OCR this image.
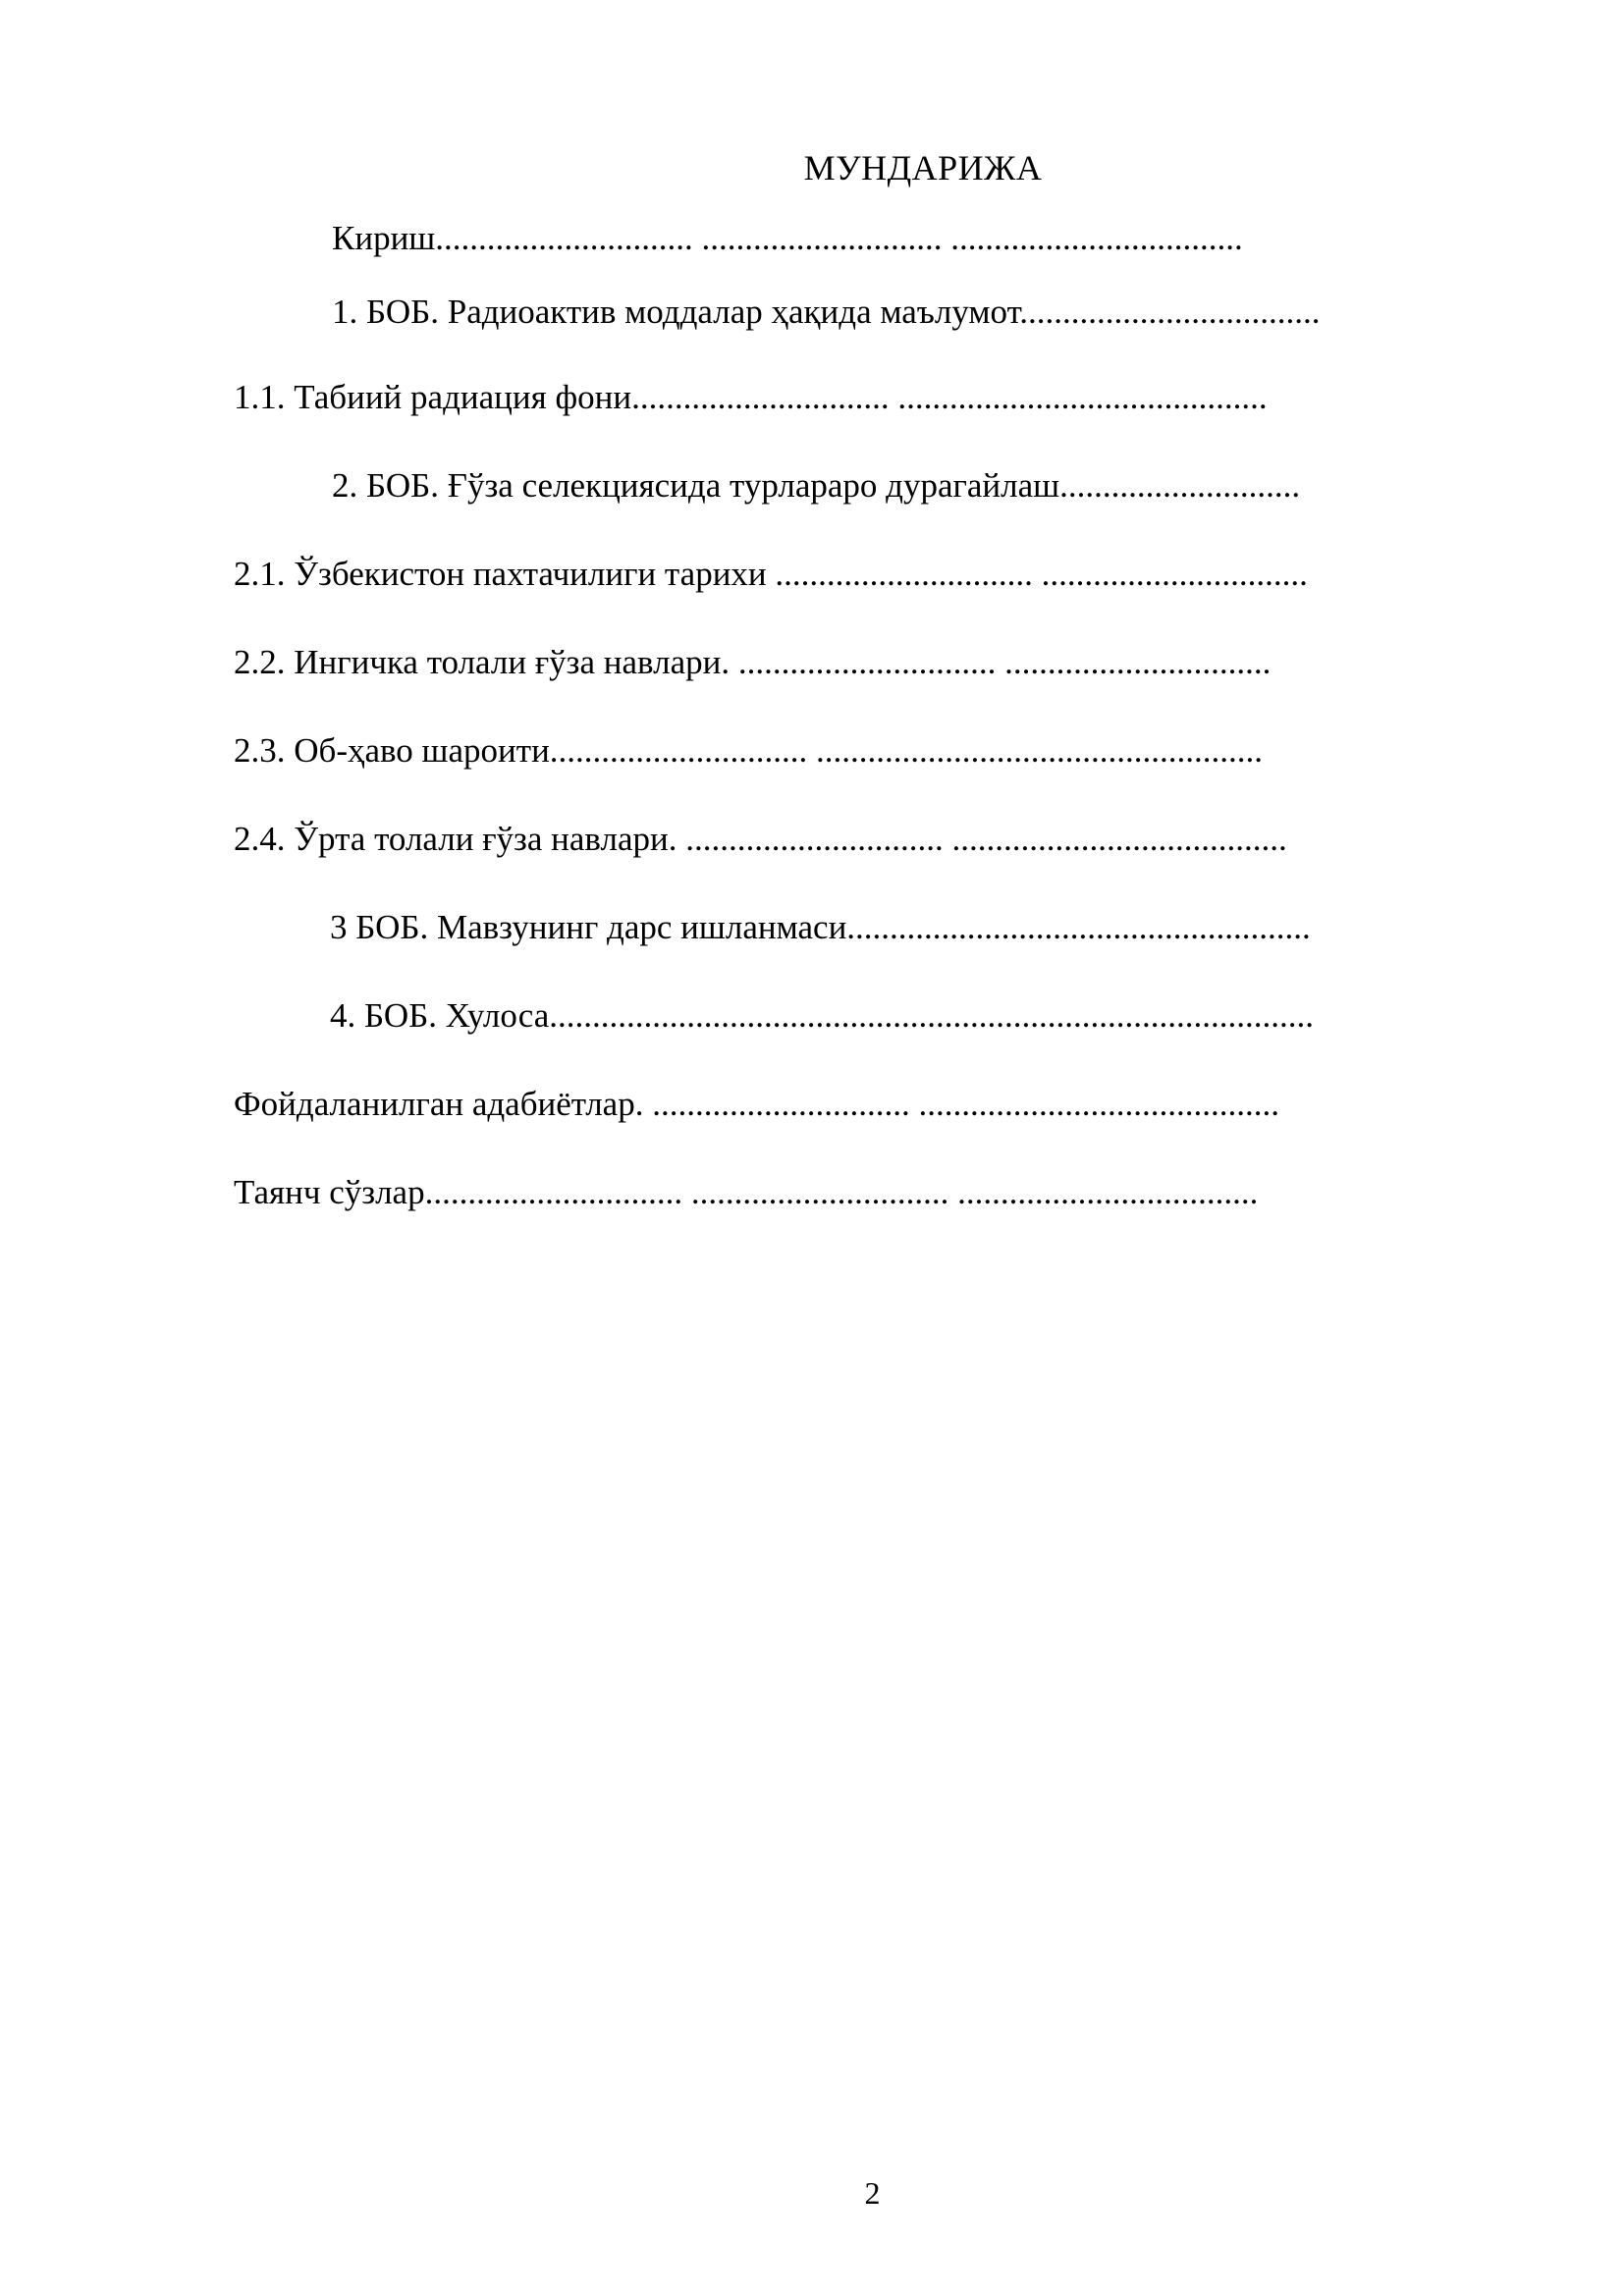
МУНДАРИЖА
Кириш.............................. ............................ ..................................
1. БОБ. Радиоактив моддалар ҳақида маълумот...................................
1.1. Табиий радиация фони.............................. ...........................................
2. БОБ. Ғўза селекциясида турлараро дурагайлаш............................
2.1. Ўзбекистон пахтачилиги тарихи .............................. ...............................
2.2. Ингичка толали ғўза навлари. .............................. ...............................
2.3. Об-ҳаво шароити.............................. ....................................................
2.4. Ўрта толали ғўза навлари. .............................. .......................................
3 БОБ. Мавзунинг дарс ишланмаси......................................................
4. БОБ. Хулоса.........................................................................................
Фойдаланилган адабиётлар. .............................. ..........................................
Таянч сўзлар.............................. .............................. ...................................
2
